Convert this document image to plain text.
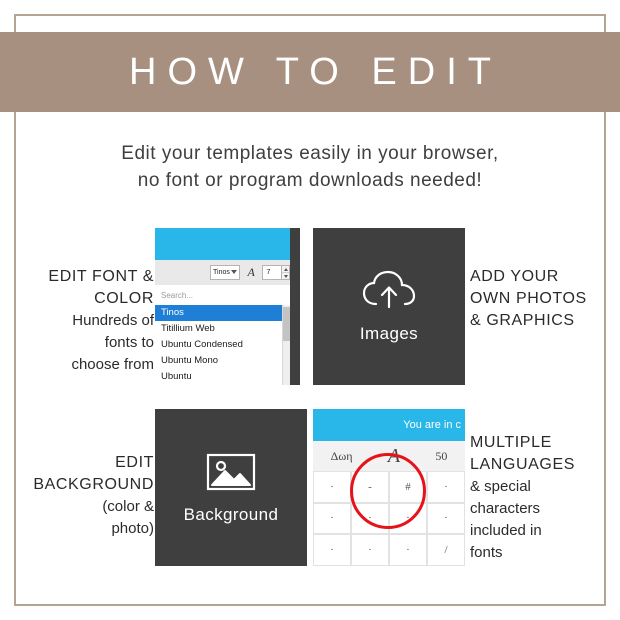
HOW TO EDIT
Edit your templates easily in your browser,
no font or program downloads needed!
Tinos	A	7
Search...
Tinos
Titillium Web
Ubuntu Condensed
Ubuntu Mono
Ubuntu
EDIT FONT &
COLOR
Hundreds of
fonts to
choose from
Images
ADD YOUR
OWN PHOTOS
& GRAPHICS
Background
EDIT
BACKGROUND
(color &
photo)
You are in c
Δωη A	50
·	-	#	·
·	·	·	·
·	·	·	/
MULTIPLE
LANGUAGES
& special
characters
included in
fonts
